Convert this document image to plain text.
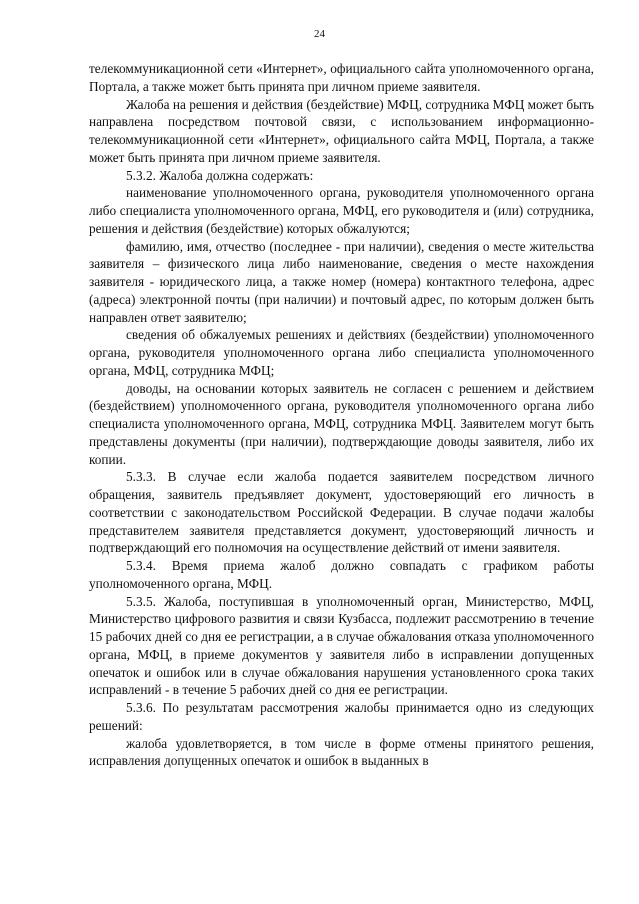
24

телекоммуникационной сети «Интернет», официального сайта уполномоченного органа, Портала, а также может быть принята при личном приеме заявителя.

Жалоба на решения и действия (бездействие) МФЦ, сотрудника МФЦ может быть направлена посредством почтовой связи, с использованием информационно-телекоммуникационной сети «Интернет», официального сайта МФЦ, Портала, а также может быть принята при личном приеме заявителя.

5.3.2. Жалоба должна содержать:

наименование уполномоченного органа, руководителя уполномоченного органа либо специалиста уполномоченного органа, МФЦ, его руководителя и (или) сотрудника, решения и действия (бездействие) которых обжалуются;

фамилию, имя, отчество (последнее - при наличии), сведения о месте жительства заявителя – физического лица либо наименование, сведения о месте нахождения заявителя - юридического лица, а также номер (номера) контактного телефона, адрес (адреса) электронной почты (при наличии) и почтовый адрес, по которым должен быть направлен ответ заявителю;

сведения об обжалуемых решениях и действиях (бездействии) уполномоченного органа, руководителя уполномоченного органа либо специалиста уполномоченного органа, МФЦ, сотрудника МФЦ;

доводы, на основании которых заявитель не согласен с решением и действием (бездействием) уполномоченного органа, руководителя уполномоченного органа либо специалиста уполномоченного органа, МФЦ, сотрудника МФЦ. Заявителем могут быть представлены документы (при наличии), подтверждающие доводы заявителя, либо их копии.

5.3.3. В случае если жалоба подается заявителем посредством личного обращения, заявитель предъявляет документ, удостоверяющий его личность в соответствии с законодательством Российской Федерации. В случае подачи жалобы представителем заявителя представляется документ, удостоверяющий личность и подтверждающий его полномочия на осуществление действий от имени заявителя.

5.3.4. Время приема жалоб должно совпадать с графиком работы уполномоченного органа, МФЦ.

5.3.5. Жалоба, поступившая в уполномоченный орган, Министерство, МФЦ, Министерство цифрового развития и связи Кузбасса, подлежит рассмотрению в течение 15 рабочих дней со дня ее регистрации, а в случае обжалования отказа уполномоченного органа, МФЦ, в приеме документов у заявителя либо в исправлении допущенных опечаток и ошибок или в случае обжалования нарушения установленного срока таких исправлений - в течение 5 рабочих дней со дня ее регистрации.

5.3.6. По результатам рассмотрения жалобы принимается одно из следующих решений:

жалоба удовлетворяется, в том числе в форме отмены принятого решения, исправления допущенных опечаток и ошибок в выданных в
